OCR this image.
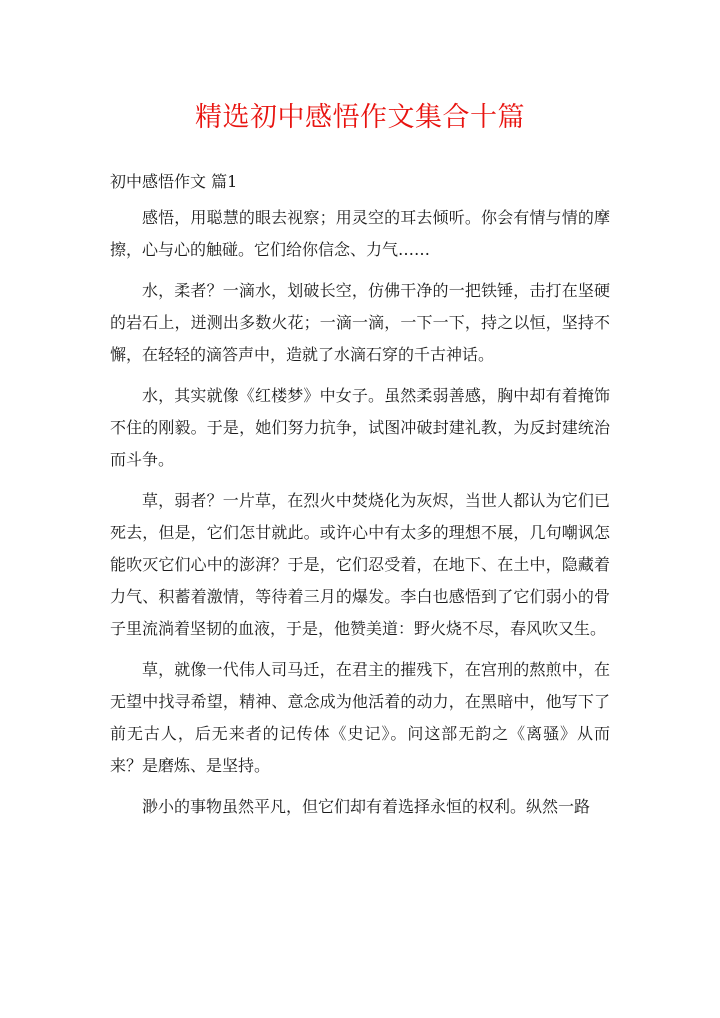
精选初中感悟作文集合十篇
初中感悟作文 篇1

感悟，用聪慧的眼去视察；用灵空的耳去倾听。你会有情与情的摩擦，心与心的触碰。它们给你信念、力气……

水，柔者？一滴水，划破长空，仿佛干净的一把铁锤，击打在坚硬的岩石上，迸测出多数火花；一滴一滴，一下一下，持之以恒，坚持不懈，在轻轻的滴答声中，造就了水滴石穿的千古神话。

水，其实就像《红楼梦》中女子。虽然柔弱善感，胸中却有着掩饰不住的刚毅。于是，她们努力抗争，试图冲破封建礼教，为反封建统治而斗争。

草，弱者？一片草，在烈火中焚烧化为灰烬，当世人都认为它们已死去，但是，它们怎甘就此。或许心中有太多的理想不展，几句嘲讽怎能吹灭它们心中的澎湃？于是，它们忍受着，在地下、在土中，隐藏着力气、积蓄着激情，等待着三月的爆发。李白也感悟到了它们弱小的骨子里流淌着坚韧的血液，于是，他赞美道：野火烧不尽，春风吹又生。

草，就像一代伟人司马迁，在君主的摧残下，在宫刑的熬煎中，在无望中找寻希望，精神、意念成为他活着的动力，在黑暗中，他写下了前无古人，后无来者的记传体《史记》。问这部无韵之《离骚》从而来？是磨炼、是坚持。

渺小的事物虽然平凡，但它们却有着选择永恒的权利。纵然一路
